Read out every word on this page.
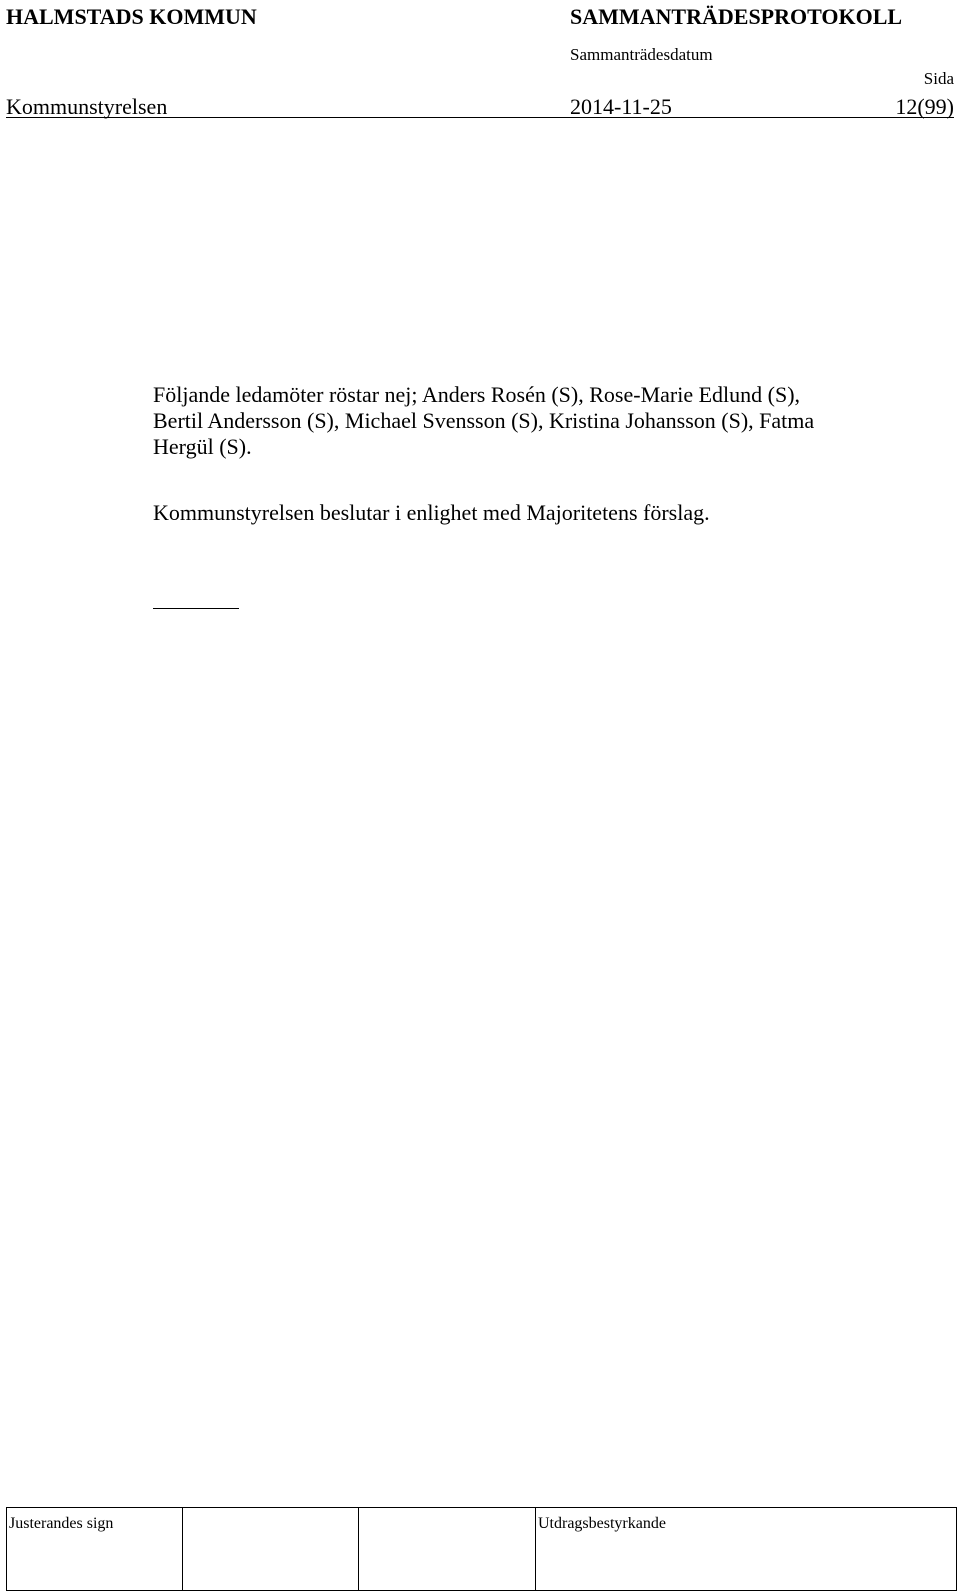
HALMSTADS KOMMUN	SAMMANTRÄDESPROTOKOLL
Sammanträdesdatum
Sida
Kommunstyrelsen	2014-11-25	12(99)
Följande ledamöter röstar nej; Anders Rosén (S), Rose-Marie Edlund (S),
Bertil Andersson (S), Michael Svensson (S), Kristina Johansson (S), Fatma
Hergül (S).
Kommunstyrelsen beslutar i enlighet med Majoritetens förslag.
Justerandes sign			Utdragsbestyrkande
